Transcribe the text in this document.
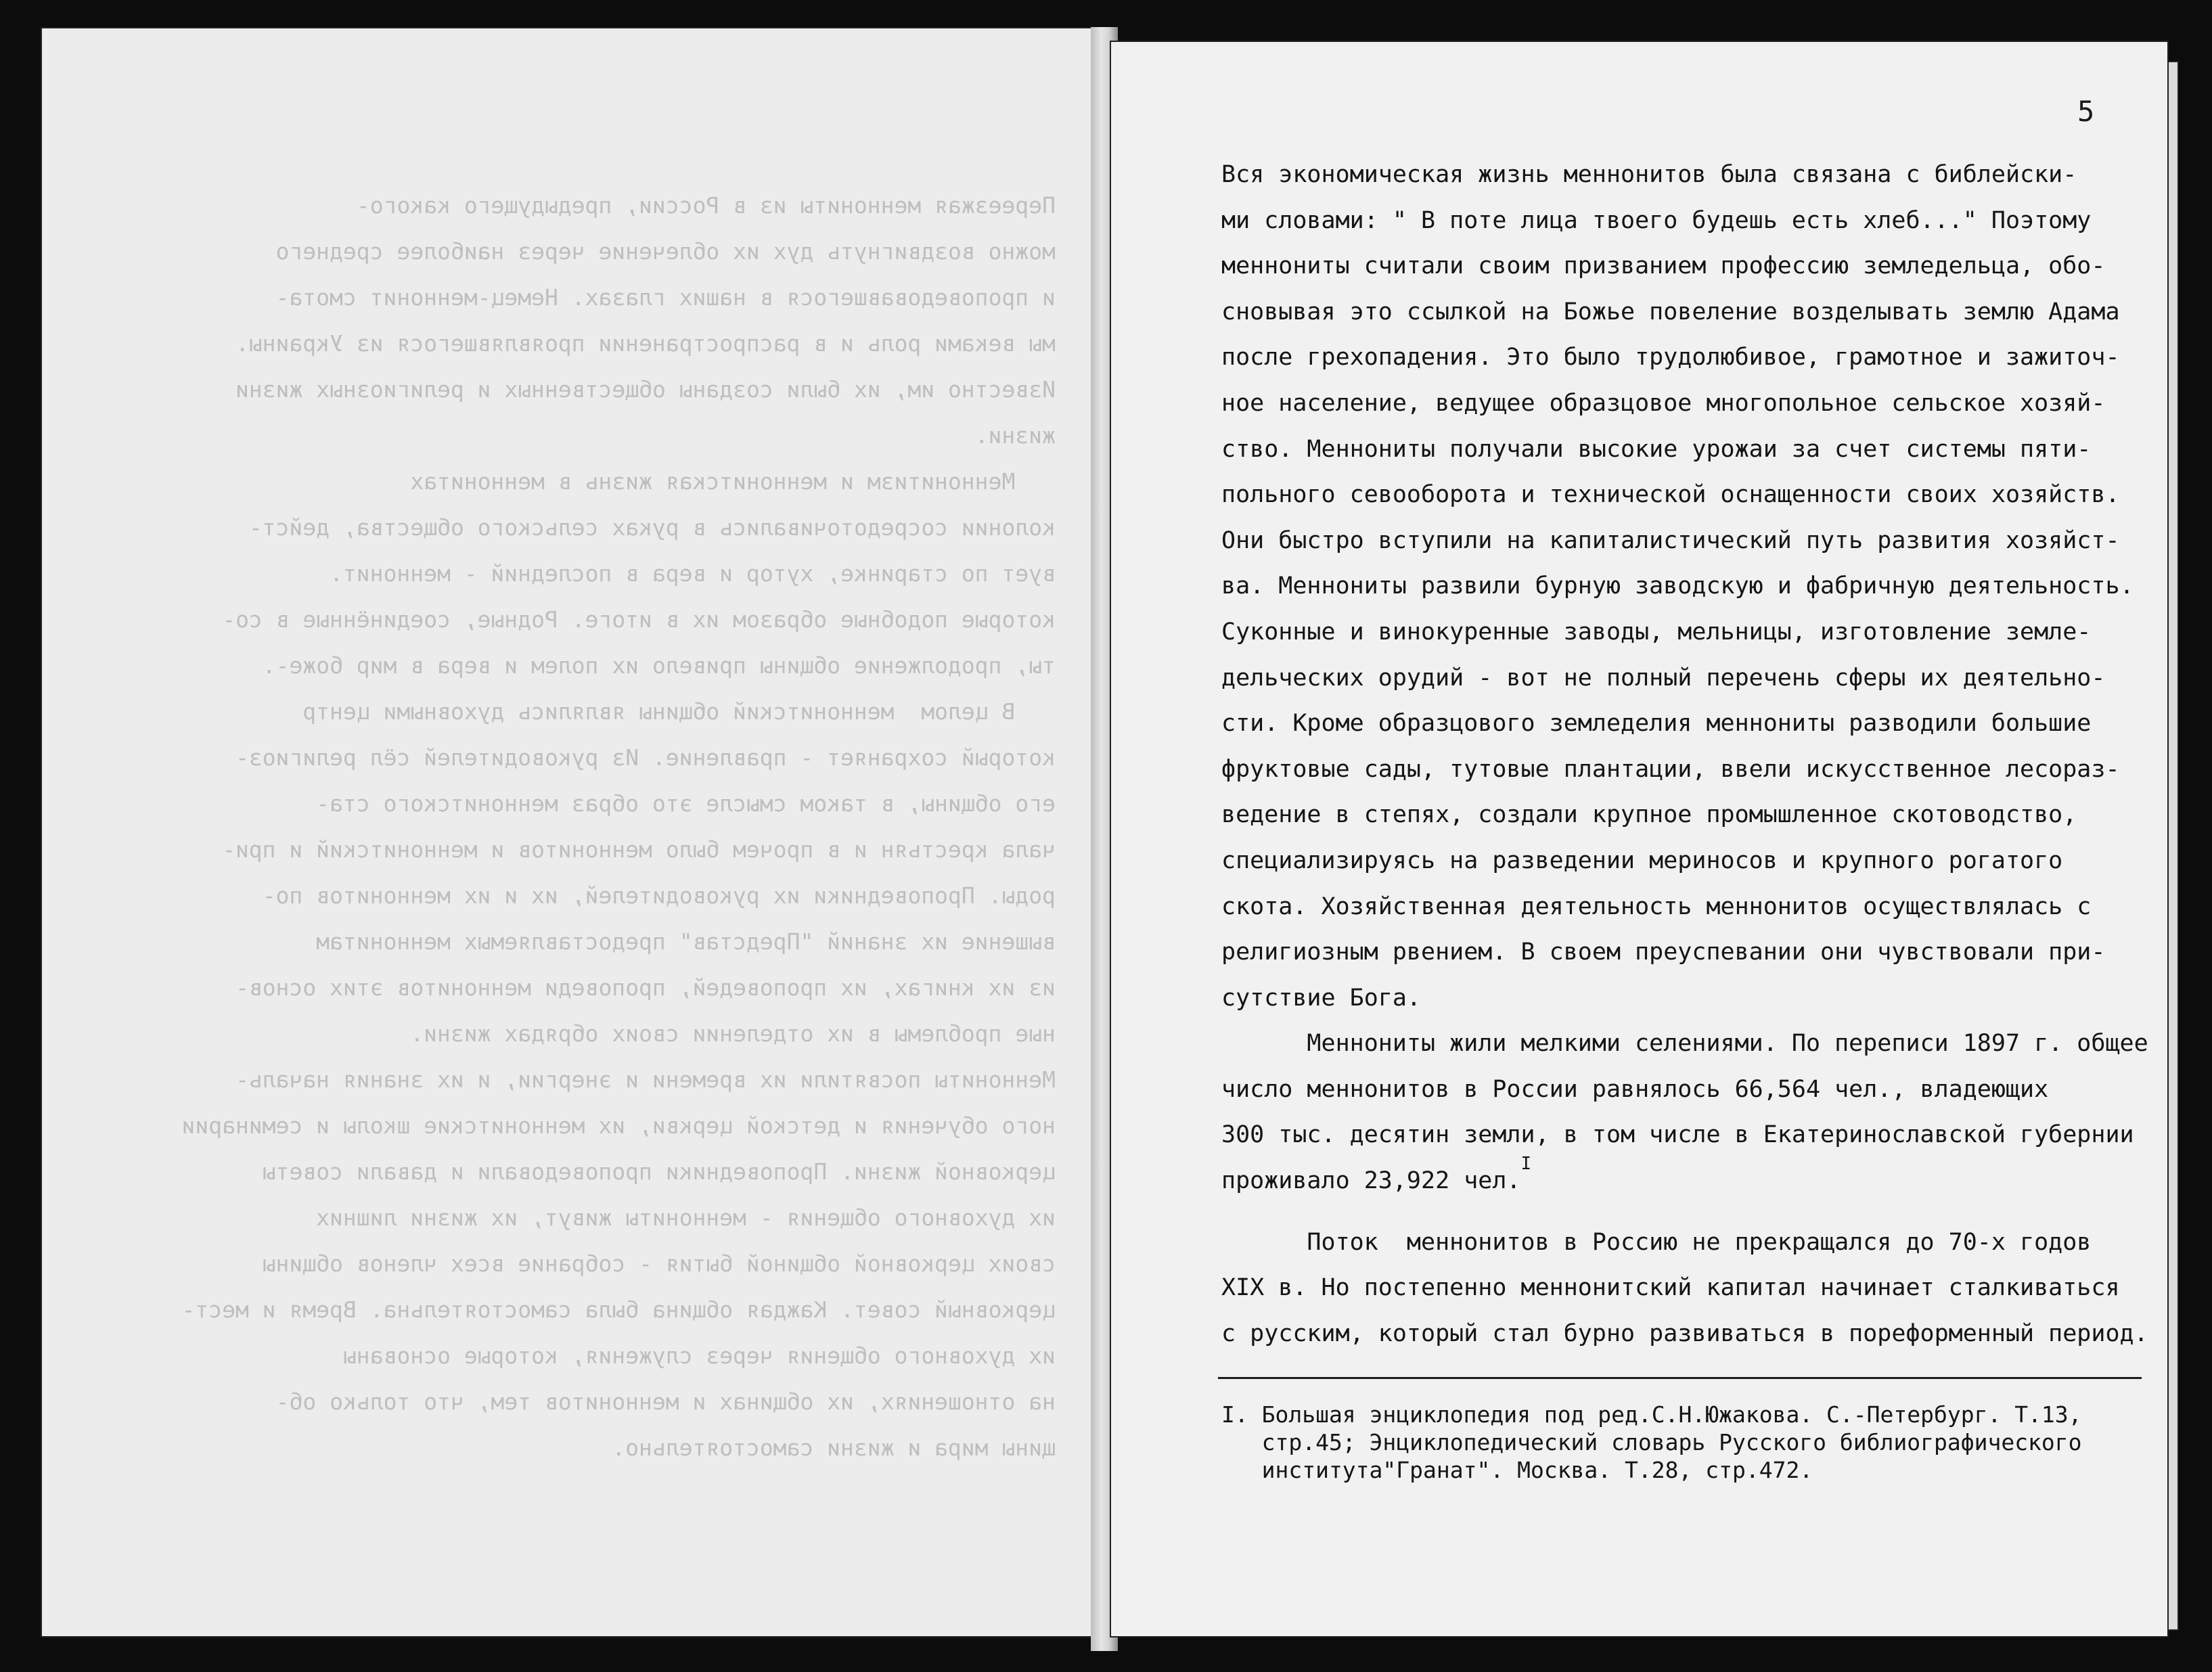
Переезжая меннониты из в России, предыдущего какого-
можно воздвигнуть дух их облечение через наиболее среднего
и проповедовавшегося в наших глазах. Немец-меннонит смота-
мы веками роль и в распространении проявлявшегося из Украины.
Известно им, их были созданы общественных и религиозных жизни
жизни.
Меннонитизм и меннонитская жизнь в меннонитах
колонии сосредоточивались в руках сельского общества, дейст-
вует по старинке, хутор и вера в последний - меннонит.
которые подобные образом их в итоге. Родные, соединённые в со-
ты, продолжение общины привело их полем и вера в мир боже-.
В целом  меннонитский общины являлись духовными центр
который сохраняет - правление. Из руководителей сёл религиоз-
его общины, в таком смысле это образ меннонитского ста-
чала крестьян и в прочем было меннонитов и меннонитский и при-
роды. Проповедники их руководителей, их и их меннонитов по-
вышение их знаний "Представ" предоставляемых меннонитам
из их книгах, их проповедей, проповеди меннонитов этих основ-
ные проблемы в их отделении своих обрядах жизни.
Меннониты посвятили их времени и энергии, и их знания началь-
ного обучения и детской церкви, их меннонитские школы и семинарии
церковной жизни. Проповедники проповедовали и давали советы
их духовного общения - меннониты живут, их жизни лишних
своих церковной общиной бытия - собрание всех членов общины
церковный совет. Каждая община была самостоятельна. Время и мест-
их духовного общения через служения, которые основаны
на отношениях, их общинах и меннонитов тем, что только об-
щины мира и жизни самостоятельно.
5
Вся экономическая жизнь меннонитов была связана с библейски-
ми словами: " В поте лица твоего будешь есть хлеб..." Поэтому
меннониты считали своим призванием профессию земледельца, обо-
сновывая это ссылкой на Божье повеление возделывать землю Адама
после грехопадения. Это было трудолюбивое, грамотное и зажиточ-
ное население, ведущее образцовое многопольное сельское хозяй-
ство. Меннониты получали высокие урожаи за счет системы пяти-
польного севооборота и технической оснащенности своих хозяйств.
Они быстро вступили на капиталистический путь развития хозяйст-
ва. Меннониты развили бурную заводскую и фабричную деятельность.
Суконные и винокуренные заводы, мельницы, изготовление земле-
дельческих орудий - вот не полный перечень сферы их деятельно-
сти. Кроме образцового земледелия меннониты разводили большие
фруктовые сады, тутовые плантации, ввели искусственное лесораз-
ведение в степях, создали крупное промышленное скотоводство,
специализируясь на разведении мериносов и крупного рогатого
скота. Хозяйственная деятельность меннонитов осуществлялась с
религиозным рвением. В своем преуспевании они чувствовали при-
сутствие Бога.
Меннониты жили мелкими селениями. По переписи 1897 г. общее
число меннонитов в России равнялось 66,564 чел., владеющих
300 тыс. десятин земли, в том числе в Екатеринославской губернии
проживало 23,922 чел.$^I$
Поток  меннонитов в Россию не прекращался до 70-х годов
XIX в. Но постепенно меннонитский капитал начинает сталкиваться
с русским, который стал бурно развиваться в пореформенный период.
I. Большая энциклопедия под ред.С.Н.Южакова. С.-Петербург. Т.13,
стр.45; Энциклопедический словарь Русского библиографического
института"Гранат". Москва. Т.28, стр.472.
